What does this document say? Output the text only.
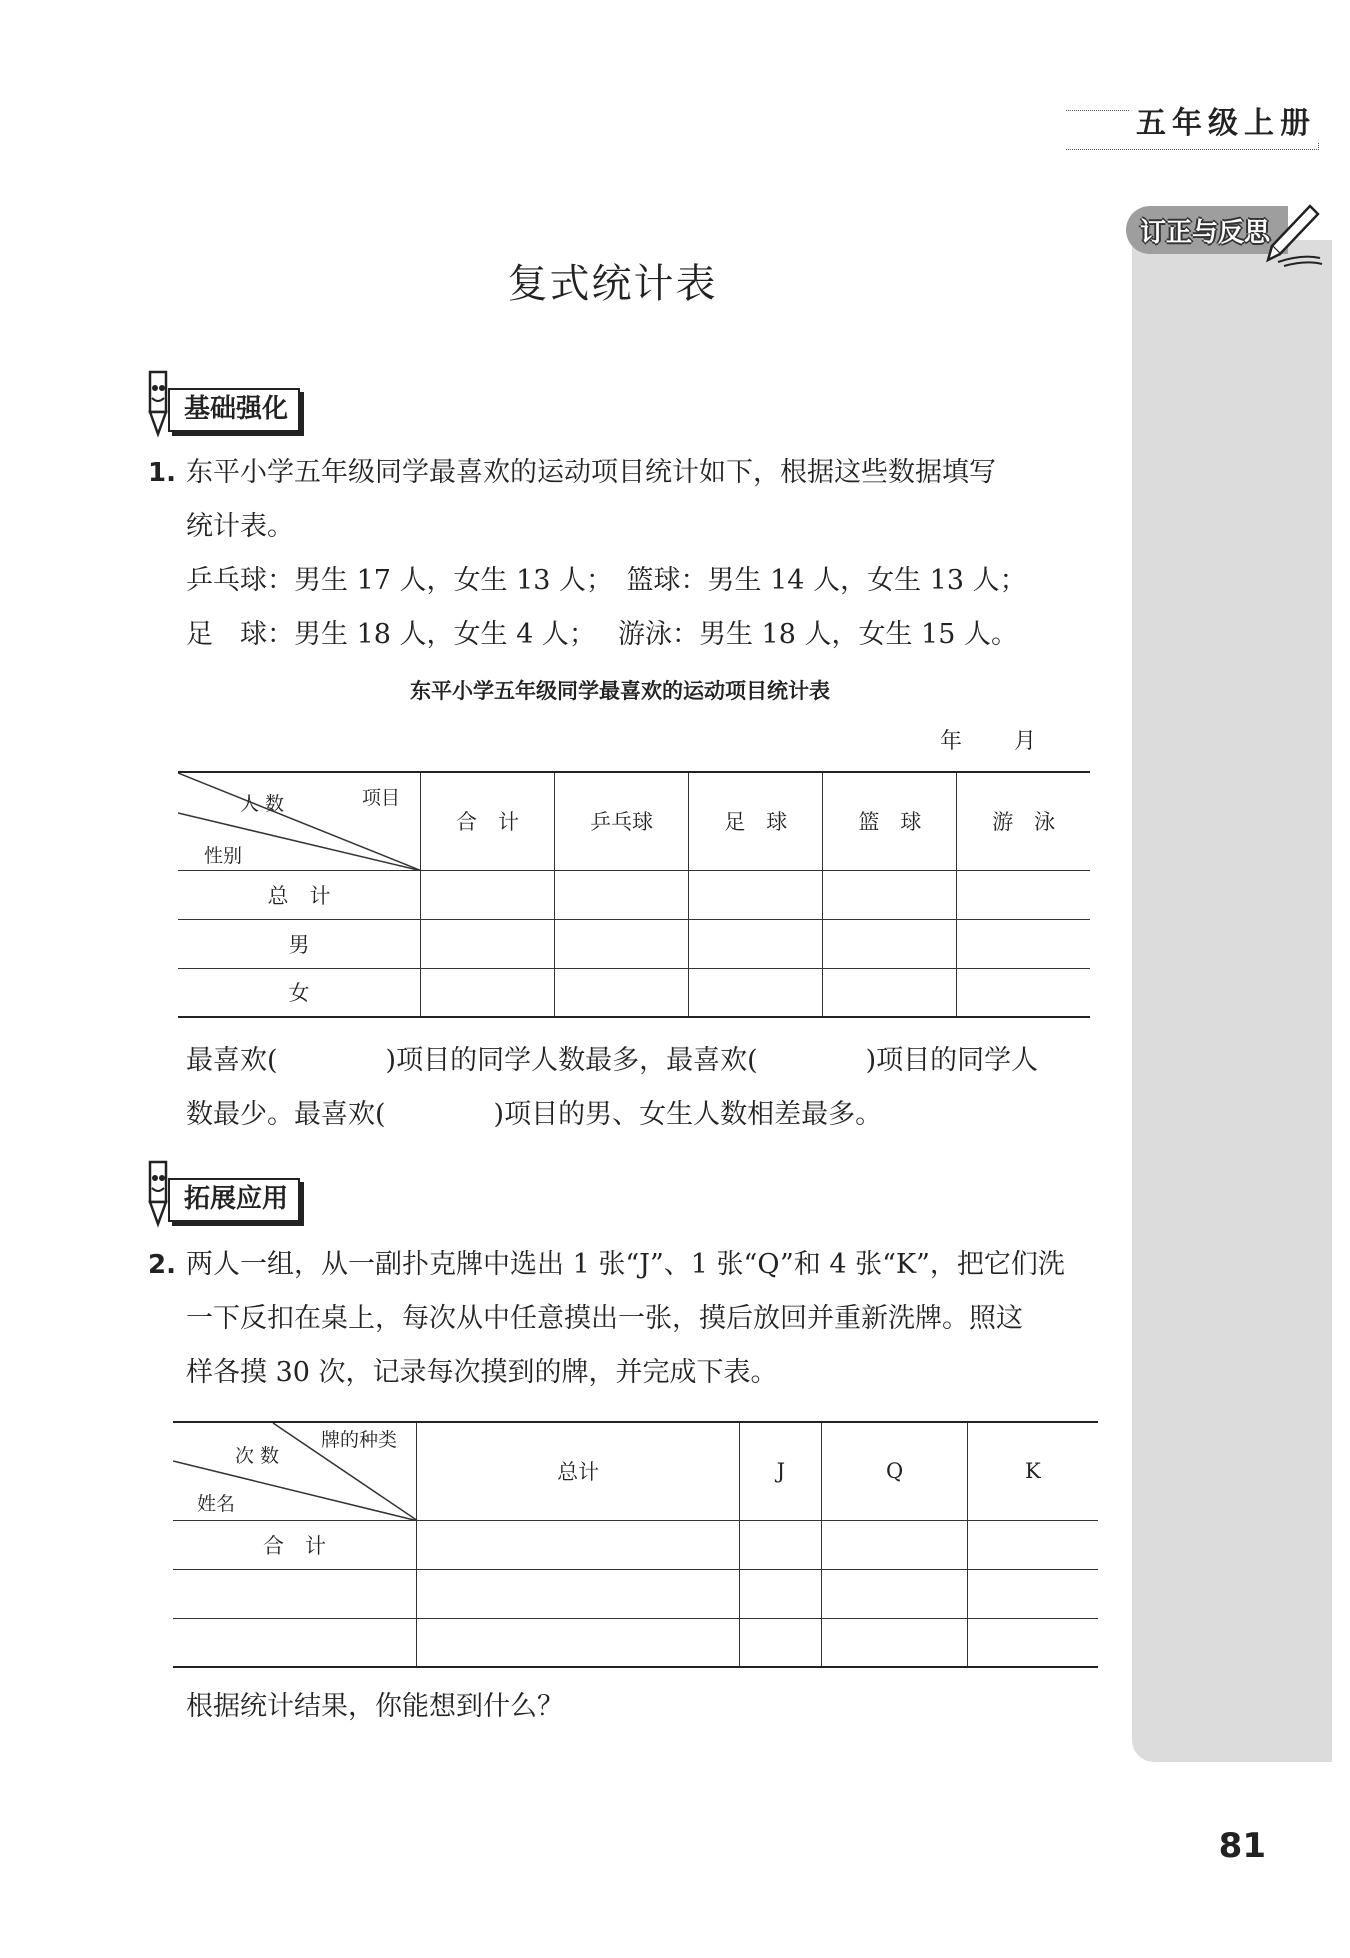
五年级上册
订正与反思
复式统计表
基础强化
1. 东平小学五年级同学最喜欢的运动项目统计如下，根据这些数据填写
统计表。
乒乓球：男生 17 人，女生 13 人；　篮球：男生 14 人，女生 13 人；
足　球：男生 18 人，女生 4 人；　 游泳：男生 18 人，女生 15 人。
东平小学五年级同学最喜欢的运动项目统计表
年 月
项目
人 数
性别	合　计	乒乓球	足　球	篮　球	游　泳
总　计					
男					
女					
最喜欢(　　　　)项目的同学人数最多，最喜欢(　　　　)项目的同学人
数最少。最喜欢(　　　　)项目的男、女生人数相差最多。
拓展应用
2. 两人一组，从一副扑克牌中选出 1 张“J”、1 张“Q”和 4 张“K”，把它们洗
一下反扣在桌上，每次从中任意摸出一张，摸后放回并重新洗牌。照这
样各摸 30 次，记录每次摸到的牌，并完成下表。
牌的种类
次 数
姓名	总计	J	Q	K
合　计				

根据统计结果，你能想到什么？
81
